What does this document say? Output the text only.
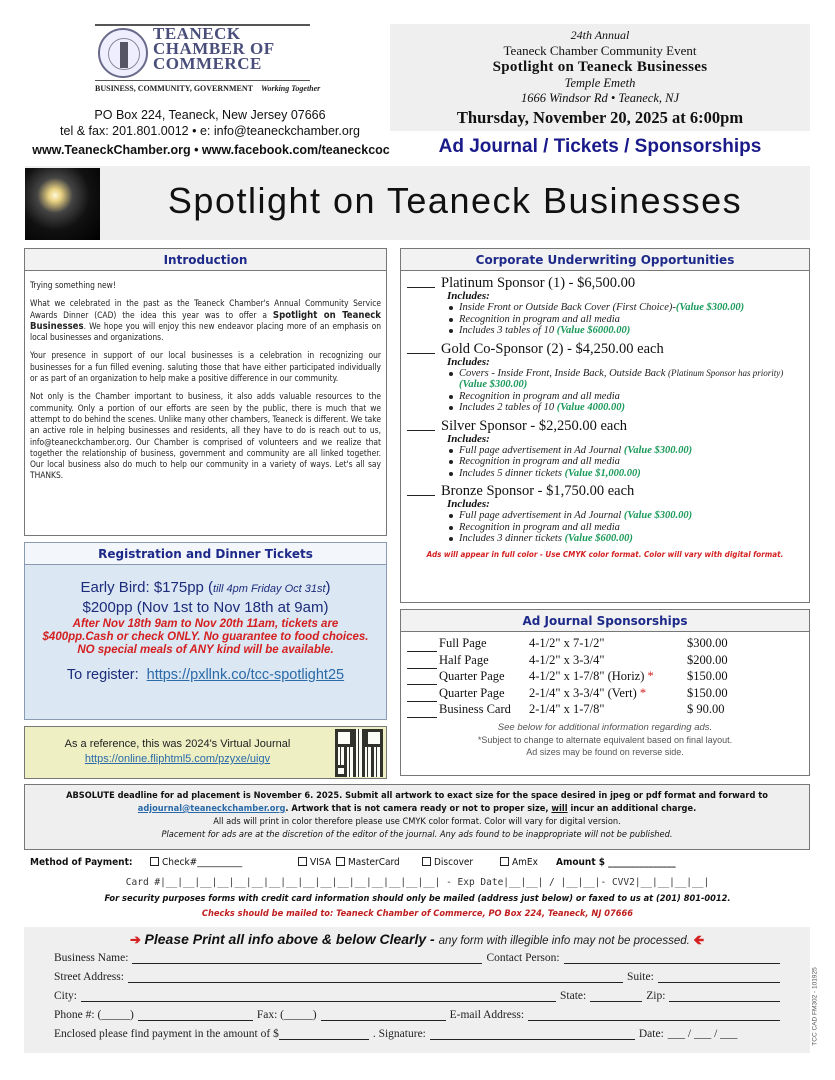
TEANECK
CHAMBER OF
COMMERCE
BUSINESS, COMMUNITY, GOVERNMENT Working Together
PO Box 224, Teaneck, New Jersey 07666
tel & fax: 201.801.0012 • e: info@teaneckchamber.org
www.TeaneckChamber.org • www.facebook.com/teaneckcoc
24th Annual
Teaneck Chamber Community Event
Spotlight on Teaneck Businesses
Temple Emeth
1666 Windsor Rd • Teaneck, NJ
Thursday, November 20, 2025 at 6:00pm
Ad Journal / Tickets / Sponsorships
Spotlight on Teaneck Businesses
Introduction

Trying something new!

What we celebrated in the past as the Teaneck Chamber's Annual Community Service Awards Dinner (CAD) the idea this year was to offer a Spotlight on Teaneck Businesses. We hope you will enjoy this new endeavor placing more of an emphasis on local businesses and organizations.

Your presence in support of our local businesses is a celebration in recognizing our businesses for a fun filled evening. saluting those that have either participated individually or as part of an organization to help make a positive difference in our community.

Not only is the Chamber important to business, it also adds valuable resources to the community. Only a portion of our efforts are seen by the public, there is much that we attempt to do behind the scenes. Unlike many other chambers, Teaneck is different. We take an active role in helping businesses and residents, all they have to do is reach out to us, info@teaneckchamber.org. Our Chamber is comprised of volunteers and we realize that together the relationship of business, government and community are all linked together. Our local business also do much to help our community in a variety of ways. Let's all say THANKS.

Registration and Dinner Tickets
Early Bird: $175pp (till 4pm Friday Oct 31st)
$200pp (Nov 1st to Nov 18th at 9am)
After Nov 18th 9am to Nov 20th 11am, tickets are
$400pp.Cash or check ONLY. No guarantee to food choices.
NO special meals of ANY kind will be available.
To register: https://pxllnk.co/tcc-spotlight25
As a reference, this was 2024's Virtual Journal
https://online.fliphtml5.com/pzyxe/uigv
Corporate Underwriting Opportunities
Platinum Sponsor (1) - $6,500.00
Includes:
Inside Front or Outside Back Cover (First Choice)-(Value $300.00)
Recognition in program and all media
Includes 3 tables of 10 (Value $6000.00)
Gold Co-Sponsor (2) - $4,250.00 each
Includes:
Covers - Inside Front, Inside Back, Outside Back (Platinum Sponsor has priority) (Value $300.00)
Recognition in program and all media
Includes 2 tables of 10 (Value 4000.00)
Silver Sponsor - $2,250.00 each
Includes:
Full page advertisement in Ad Journal (Value $300.00)
Recognition in program and all media
Includes 5 dinner tickets (Value $1,000.00)
Bronze Sponsor - $1,750.00 each
Includes:
Full page advertisement in Ad Journal (Value $300.00)
Recognition in program and all media
Includes 3 dinner tickets (Value $600.00)
Ads will appear in full color - Use CMYK color format. Color will vary with digital format.
Ad Journal Sponsorships
	Full Page	4-1/2" x 7-1/2"	$300.00
	Half Page	4-1/2" x 3-3/4"	$200.00
	Quarter Page	4-1/2" x 1-7/8" (Horiz) *	$150.00
	Quarter Page	2-1/4" x 3-3/4" (Vert) *	$150.00
	Business Card	2-1/4" x 1-7/8"	$ 90.00
See below for additional information regarding ads.
*Subject to change to alternate equivalent based on final layout.
Ad sizes may be found on reverse side.
ABSOLUTE deadline for ad placement is November 6. 2025. Submit all artwork to exact size for the space desired in jpeg or pdf format and forward to
adjournal@teaneckchamber.org. Artwork that is not camera ready or not to proper size, will incur an additional charge.
All ads will print in color therefore please use CMYK color format. Color will vary for digital version.
Placement for ads are at the discretion of the editor of the journal. Any ads found to be inappropriate will not be published.
Method of Payment:	Check#__________	VISA	MasterCard	Discover	AmEx Amount $ _______________
Card #|__|__|__|__|__|__|__|__|__|__|__|__|__|__|__|__| - Exp Date|__|__| / |__|__|- CVV2|__|__|__|__|
For security purposes forms with credit card information should only be mailed (address just below) or faxed to us at (201) 801-0012.
Checks should be mailed to: Teaneck Chamber of Commerce, PO Box 224, Teaneck, NJ 07666
➔ Please Print all info above & below Clearly - any form with illegible info may not be processed. 🡸
Business Name:	Contact Person:
Street Address:	Suite:
City:	State:	Zip:
Phone #: (_____)	Fax: (_____)	E-mail Address:
Enclosed please find payment in the amount of $	. Signature:	Date: ___ / ___ / ___	TCC CAD FM302 - 101925
